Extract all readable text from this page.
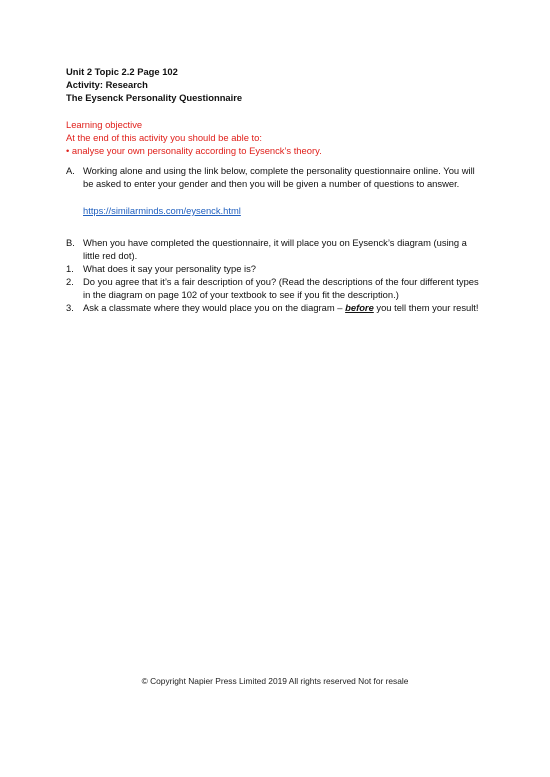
Unit 2 Topic 2.2 Page 102
Activity: Research
The Eysenck Personality Questionnaire
Learning objective
At the end of this activity you should be able to:
• analyse your own personality according to Eysenck’s theory.
A. Working alone and using the link below, complete the personality questionnaire online. You will be asked to enter your gender and then you will be given a number of questions to answer.
https://similarminds.com/eysenck.html
B. When you have completed the questionnaire, it will place you on Eysenck’s diagram (using a little red dot).
1. What does it say your personality type is?
2. Do you agree that it’s a fair description of you? (Read the descriptions of the four different types in the diagram on page 102 of your textbook to see if you fit the description.)
3. Ask a classmate where they would place you on the diagram – before you tell them your result!
© Copyright Napier Press Limited 2019 All rights reserved Not for resale
